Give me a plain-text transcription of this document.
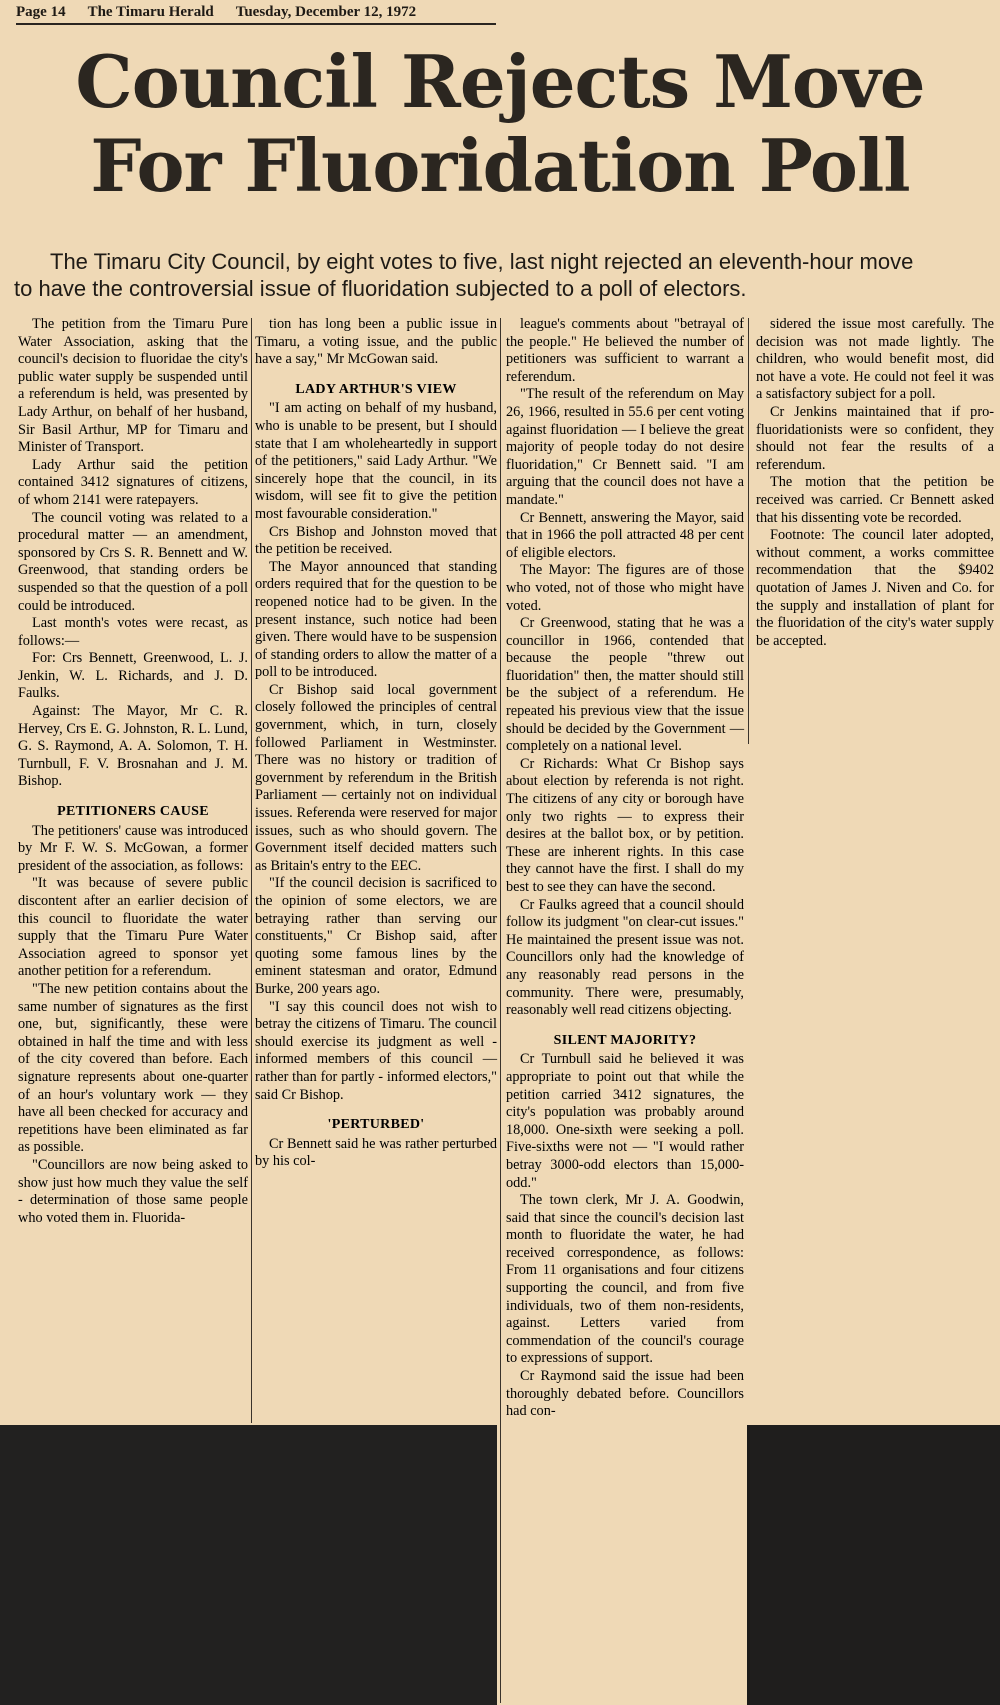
Page 14 The Timaru Herald Tuesday, December 12, 1972
Council Rejects Move
For Fluoridation Poll
The Timaru City Council, by eight votes to five, last night rejected an eleventh-hour move
to have the controversial issue of fluoridation subjected to a poll of electors.

The petition from the Timaru Pure Water Association, asking that the council's decision to fluoridae the city's public water supply be suspended until a referendum is held, was presented by Lady Arthur, on behalf of her husband, Sir Basil Arthur, MP for Timaru and Minister of Transport.

Lady Arthur said the petition contained 3412 signatures of citizens, of whom 2141 were ratepayers.

The council voting was related to a procedural matter — an amendment, sponsored by Crs S. R. Bennett and W. Greenwood, that standing orders be suspended so that the question of a poll could be introduced.

Last month's votes were recast, as follows:—

For: Crs Bennett, Greenwood, L. J. Jenkin, W. L. Richards, and J. D. Faulks.

Against: The Mayor, Mr C. R. Hervey, Crs E. G. Johnston, R. L. Lund, G. S. Raymond, A. A. Solomon, T. H. Turnbull, F. V. Brosnahan and J. M. Bishop.

PETITIONERS CAUSE

The petitioners' cause was introduced by Mr F. W. S. McGowan, a former president of the association, as follows:

"It was because of severe public discontent after an earlier decision of this council to fluoridate the water supply that the Timaru Pure Water Association agreed to sponsor yet another petition for a referendum.

"The new petition contains about the same number of signatures as the first one, but, significantly, these were obtained in half the time and with less of the city covered than before. Each signature represents about one-quarter of an hour's voluntary work — they have all been checked for accuracy and repetitions have been eliminated as far as possible.

"Councillors are now being asked to show just how much they value the self - determination of those same people who voted them in. Fluorida-

tion has long been a public issue in Timaru, a voting issue, and the public have a say," Mr McGowan said.

LADY ARTHUR'S VIEW

"I am acting on behalf of my husband, who is unable to be present, but I should state that I am wholeheartedly in support of the petitioners," said Lady Arthur. "We sincerely hope that the council, in its wisdom, will see fit to give the petition most favourable consideration."

Crs Bishop and Johnston moved that the petition be received.

The Mayor announced that standing orders required that for the question to be reopened notice had to be given. In the present instance, such notice had been given. There would have to be suspension of standing orders to allow the matter of a poll to be introduced.

Cr Bishop said local government closely followed the principles of central government, which, in turn, closely followed Parliament in Westminster. There was no history or tradition of government by referendum in the British Parliament — certainly not on individual issues. Referenda were reserved for major issues, such as who should govern. The Government itself decided matters such as Britain's entry to the EEC.

"If the council decision is sacrificed to the opinion of some electors, we are betraying rather than serving our constituents," Cr Bishop said, after quoting some famous lines by the eminent statesman and orator, Edmund Burke, 200 years ago.

"I say this council does not wish to betray the citizens of Timaru. The council should exercise its judgment as well - informed members of this council — rather than for partly - informed electors," said Cr Bishop.

'PERTURBED'

Cr Bennett said he was rather perturbed by his col-

league's comments about "betrayal of the people." He believed the number of petitioners was sufficient to warrant a referendum.

"The result of the referendum on May 26, 1966, resulted in 55.6 per cent voting against fluoridation — I believe the great majority of people today do not desire fluoridation," Cr Bennett said. "I am arguing that the council does not have a mandate."

Cr Bennett, answering the Mayor, said that in 1966 the poll attracted 48 per cent of eligible electors.

The Mayor: The figures are of those who voted, not of those who might have voted.

Cr Greenwood, stating that he was a councillor in 1966, contended that because the people "threw out fluoridation" then, the matter should still be the subject of a referendum. He repeated his previous view that the issue should be decided by the Government — completely on a national level.

Cr Richards: What Cr Bishop says about election by referenda is not right. The citizens of any city or borough have only two rights — to express their desires at the ballot box, or by petition. These are inherent rights. In this case they cannot have the first. I shall do my best to see they can have the second.

Cr Faulks agreed that a council should follow its judgment "on clear-cut issues." He maintained the present issue was not. Councillors only had the knowledge of any reasonably read persons in the community. There were, presumably, reasonably well read citizens objecting.

SILENT MAJORITY?

Cr Turnbull said he believed it was appropriate to point out that while the petition carried 3412 signatures, the city's population was probably around 18,000. One-sixth were seeking a poll. Five-sixths were not — "I would rather betray 3000-odd electors than 15,000-odd."

The town clerk, Mr J. A. Goodwin, said that since the council's decision last month to fluoridate the water, he had received correspondence, as follows: From 11 organisations and four citizens supporting the council, and from five individuals, two of them non-residents, against. Letters varied from commendation of the council's courage to expressions of support.

Cr Raymond said the issue had been thoroughly debated before. Councillors had con-

sidered the issue most carefully. The decision was not made lightly. The children, who would benefit most, did not have a vote. He could not feel it was a satisfactory subject for a poll.

Cr Jenkins maintained that if pro-fluoridationists were so confident, they should not fear the results of a referendum.

The motion that the petition be received was carried. Cr Bennett asked that his dissenting vote be recorded.

Footnote: The council later adopted, without comment, a works committee recommendation that the $9402 quotation of James J. Niven and Co. for the supply and installation of plant for the fluoridation of the city's water supply be accepted.
